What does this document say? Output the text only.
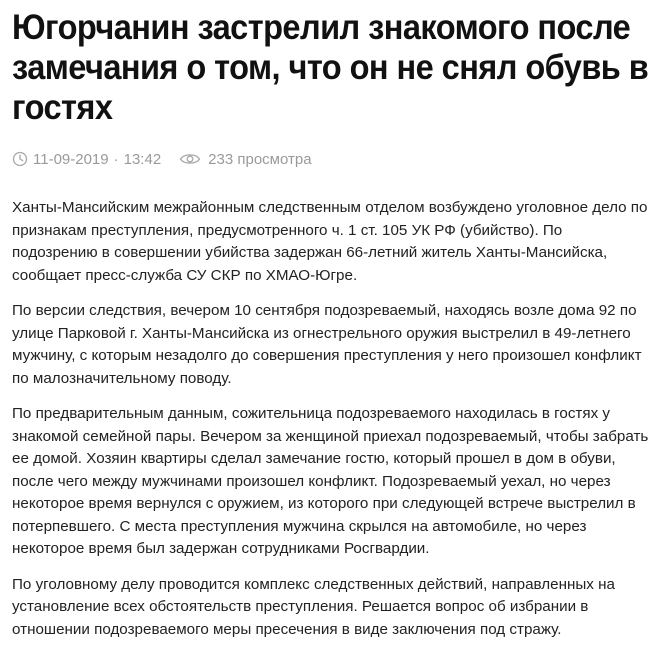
Югорчанин застрелил знакомого после замечания о том, что он не снял обувь в гостях
11-09-2019 · 13:42	233 просмотра

Ханты-Мансийским межрайонным следственным отделом возбуждено уголовное дело по признакам преступления, предусмотренного ч. 1 ст. 105 УК РФ (убийство). По подозрению в совершении убийства задержан 66-летний житель Ханты-Мансийска, сообщает пресс-служба СУ СКР по ХМАО-Югре.

По версии следствия, вечером 10 сентября подозреваемый, находясь возле дома 92 по улице Парковой г. Ханты-Мансийска из огнестрельного оружия выстрелил в 49-летнего мужчину, с которым незадолго до совершения преступления у него произошел конфликт по малозначительному поводу.

По предварительным данным, сожительница подозреваемого находилась в гостях у знакомой семейной пары. Вечером за женщиной приехал подозреваемый, чтобы забрать ее домой. Хозяин квартиры сделал замечание гостю, который прошел в дом в обуви, после чего между мужчинами произошел конфликт. Подозреваемый уехал, но через некоторое время вернулся с оружием, из которого при следующей встрече выстрелил в потерпевшего. С места преступления мужчина скрылся на автомобиле, но через некоторое время был задержан сотрудниками Росгвардии.

По уголовному делу проводится комплекс следственных действий, направленных на установление всех обстоятельств преступления. Решается вопрос об избрании в отношении подозреваемого меры пресечения в виде заключения под стражу.
